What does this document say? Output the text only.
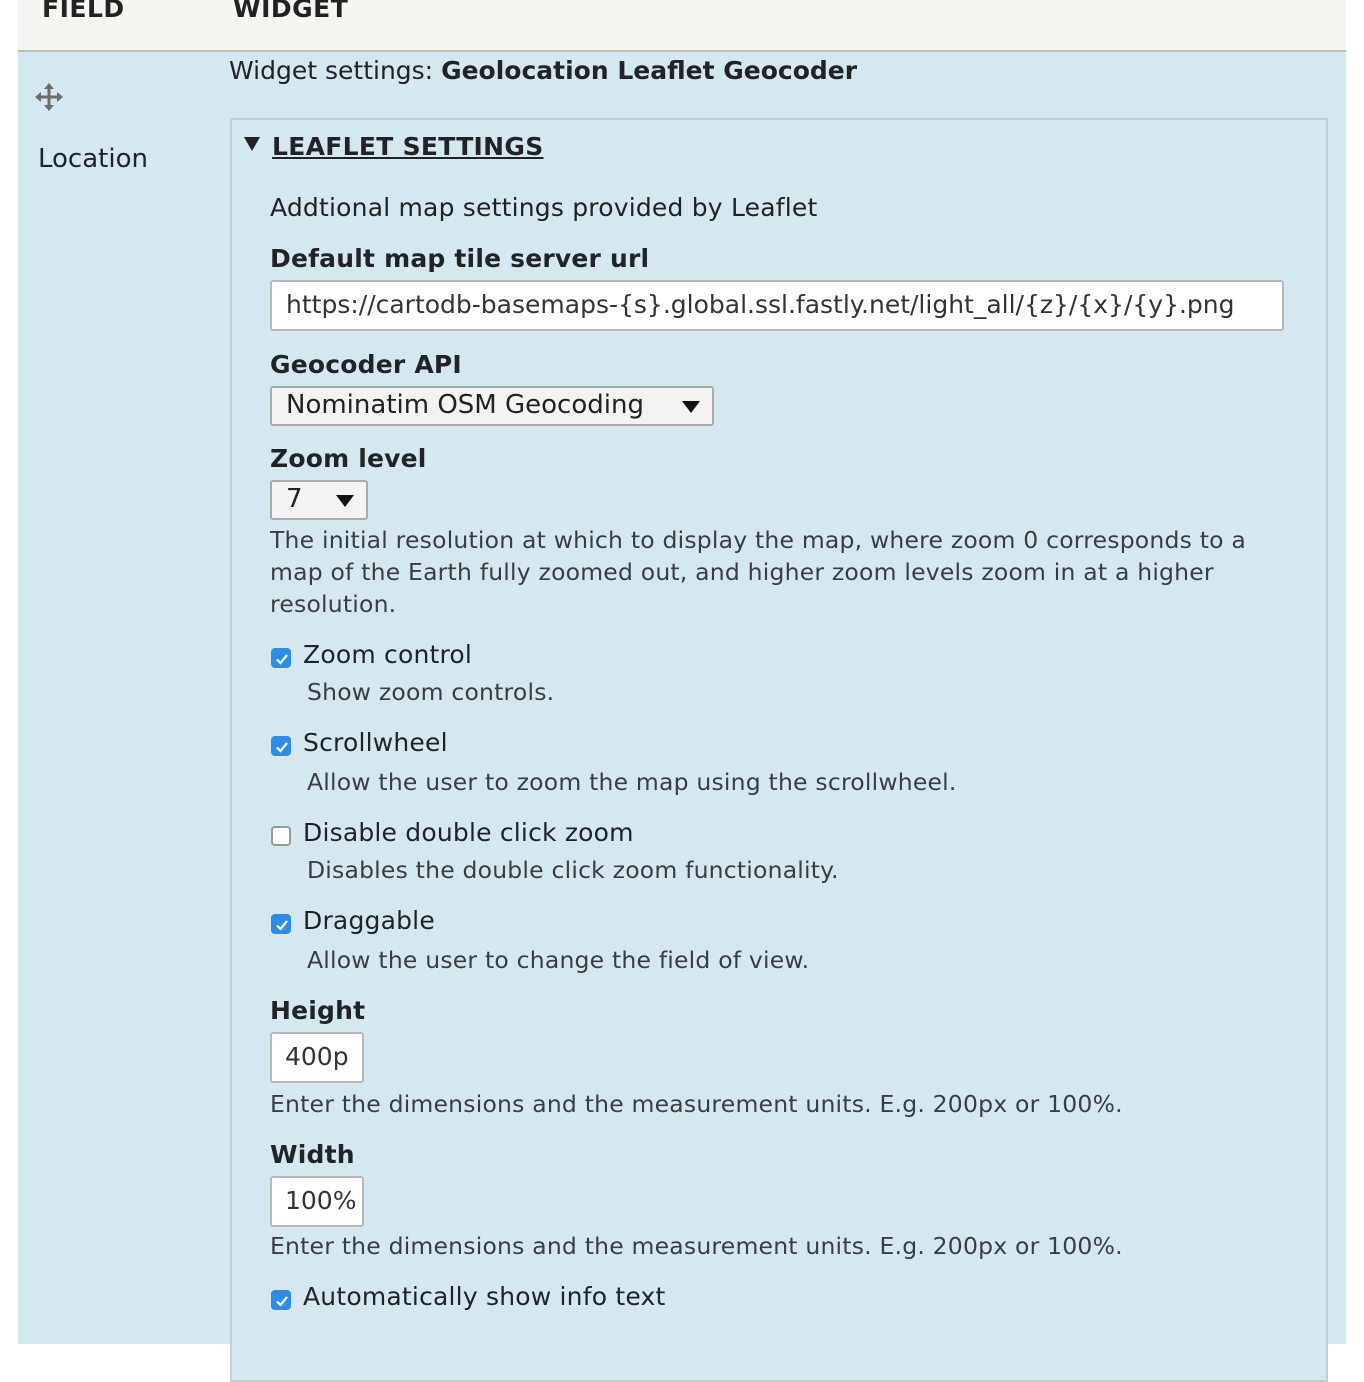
FIELD	WIDGET
Location
Widget settings: Geolocation Leaflet Geocoder
LEAFLET SETTINGS
Addtional map settings provided by Leaflet
Default map tile server url
https://cartodb-basemaps-{s}.global.ssl.fastly.net/light_all/{z}/{x}/{y}.png
Geocoder API
Nominatim OSM Geocoding
Zoom level
7
The initial resolution at which to display the map, where zoom 0 corresponds to a
map of the Earth fully zoomed out, and higher zoom levels zoom in at a higher
resolution.
Zoom control
Show zoom controls.
Scrollwheel
Allow the user to zoom the map using the scrollwheel.
Disable double click zoom
Disables the double click zoom functionality.
Draggable
Allow the user to change the field of view.
Height
400p
Enter the dimensions and the measurement units. E.g. 200px or 100%.
Width
100%
Enter the dimensions and the measurement units. E.g. 200px or 100%.
Automatically show info text
